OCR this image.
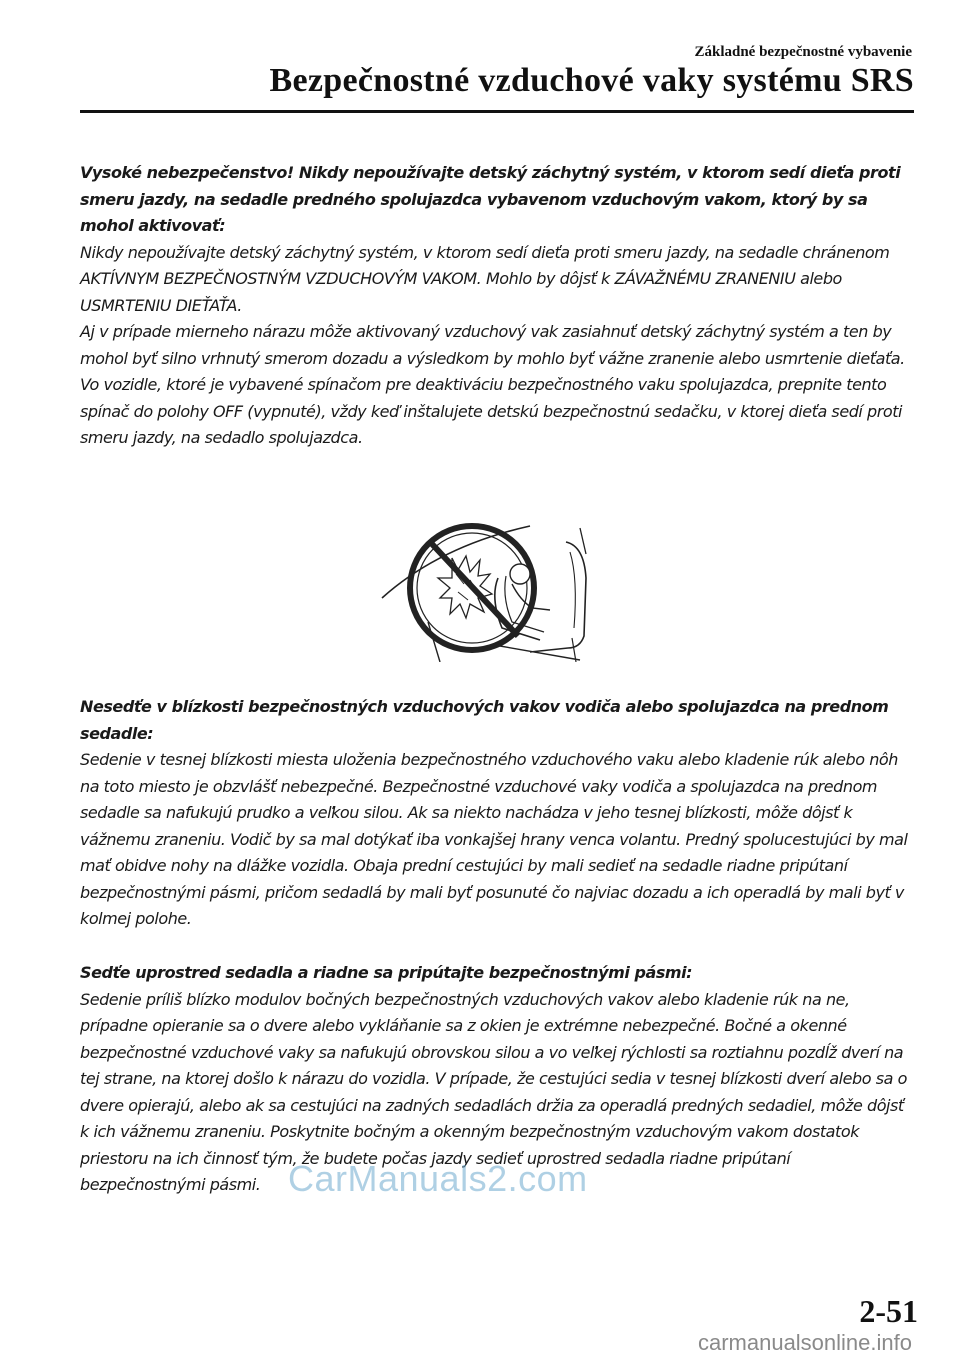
Základné bezpečnostné vybavenie
Bezpečnostné vzduchové vaky systému SRS

Vysoké nebezpečenstvo! Nikdy nepoužívajte detský záchytný systém, v ktorom sedí dieťa proti smeru jazdy, na sedadle predného spolujazdca vybavenom vzduchovým vakom, ktorý by sa mohol aktivovať:

Nikdy nepoužívajte detský záchytný systém, v ktorom sedí dieťa proti smeru jazdy, na sedadle chránenom AKTÍVNYM BEZPEČNOSTNÝM VZDUCHOVÝM VAKOM. Mohlo by dôjsť k ZÁVAŽNÉMU ZRANENIU alebo USMRTENIU DIEŤAŤA.

Aj v prípade mierneho nárazu môže aktivovaný vzduchový vak zasiahnuť detský záchytný systém a ten by mohol byť silno vrhnutý smerom dozadu a výsledkom by mohlo byť vážne zranenie alebo usmrtenie dieťaťa. Vo vozidle, ktoré je vybavené spínačom pre deaktiváciu bezpečnostného vaku spolujazdca, prepnite tento spínač do polohy OFF (vypnuté), vždy keď inštalujete detskú bezpečnostnú sedačku, v ktorej dieťa sedí proti smeru jazdy, na sedadlo spolujazdca.

Nesedťe v blízkosti bezpečnostných vzduchových vakov vodiča alebo spolujazdca na prednom sedadle:

Sedenie v tesnej blízkosti miesta uloženia bezpečnostného vzduchového vaku alebo kladenie rúk alebo nôh na toto miesto je obzvlášť nebezpečné. Bezpečnostné vzduchové vaky vodiča a spolujazdca na prednom sedadle sa nafukujú prudko a veľkou silou. Ak sa niekto nachádza v jeho tesnej blízkosti, môže dôjsť k vážnemu zraneniu. Vodič by sa mal dotýkať iba vonkajšej hrany venca volantu. Predný spolucestujúci by mal mať obidve nohy na dlážke vozidla. Obaja prední cestujúci by mali sedieť na sedadle riadne pripútaní bezpečnostnými pásmi, pričom sedadlá by mali byť posunuté čo najviac dozadu a ich operadlá by mali byť v kolmej polohe.

Sedťe uprostred sedadla a riadne sa pripútajte bezpečnostnými pásmi:

Sedenie príliš blízko modulov bočných bezpečnostných vzduchových vakov alebo kladenie rúk na ne, prípadne opieranie sa o dvere alebo vykláňanie sa z okien je extrémne nebezpečné. Bočné a okenné bezpečnostné vzduchové vaky sa nafukujú obrovskou silou a vo veľkej rýchlosti sa roztiahnu pozdĺž dverí na tej strane, na ktorej došlo k nárazu do vozidla. V prípade, že cestujúci sedia v tesnej blízkosti dverí alebo sa o dvere opierajú, alebo ak sa cestujúci na zadných sedadlách držia za operadlá predných sedadiel, môže dôjsť k ich vážnemu zraneniu. Poskytnite bočným a okenným bezpečnostným vzduchovým vakom dostatok priestoru na ich činnosť tým, že budete počas jazdy sedieť uprostred sedadla riadne pripútaní bezpečnostnými pásmi. CarManuals2.com
2-51
carmanualsonline.info
